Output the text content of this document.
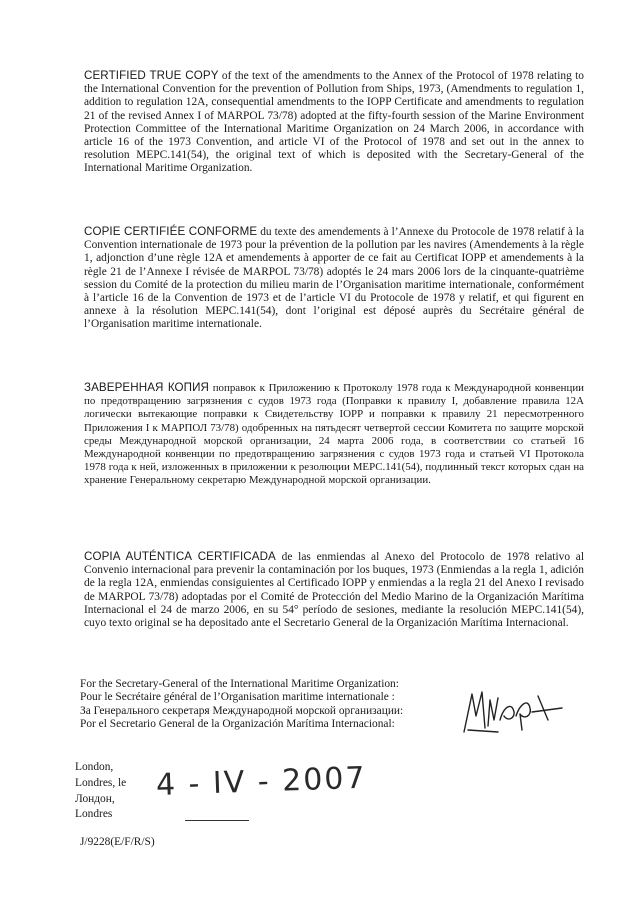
CERTIFIED TRUE COPY of the text of the amendments to the Annex of the Protocol of 1978 relating to the International Convention for the prevention of Pollution from Ships, 1973, (Amendments to regulation 1, addition to regulation 12A, consequential amendments to the IOPP Certificate and amendments to regulation 21 of the revised Annex I of MARPOL 73/78) adopted at the fifty-fourth session of the Marine Environment Protection Committee of the International Maritime Organization on 24 March 2006, in accordance with article 16 of the 1973 Convention, and article VI of the Protocol of 1978 and set out in the annex to resolution MEPC.141(54), the original text of which is deposited with the Secretary-General of the International Maritime Organization.

COPIE CERTIFIÉE CONFORME du texte des amendements à l’Annexe du Protocole de 1978 relatif à la Convention internationale de 1973 pour la prévention de la pollution par les navires (Amendements à la règle 1, adjonction d’une règle 12A et amendements à apporter de ce fait au Certificat IOPP et amendements à la règle 21 de l’Annexe I révisée de MARPOL 73/78) adoptés le 24 mars 2006 lors de la cinquante-quatrième session du Comité de la protection du milieu marin de l’Organisation maritime internationale, conformément à l’article 16 de la Convention de 1973 et de l’article VI du Protocole de 1978 y relatif, et qui figurent en annexe à la résolution MEPC.141(54), dont l’original est déposé auprès du Secrétaire général de l’Organisation maritime internationale.

ЗАВЕРЕННАЯ КОПИЯ поправок к Приложению к Протоколу 1978 года к Международной конвенции по предотвращению загрязнения с судов 1973 года (Поправки к правилу I, добавление правила 12А логически вытекающие поправки к Свидетельству IOPP и поправки к правилу 21 пересмотренного Приложения I к МАРПОЛ 73/78) одобренных на пятьдесят четвертой сессии Комитета по защите морской среды Международной морской организации, 24 марта 2006 года, в соответствии со статьей 16 Международной конвенции по предотвращению загрязнения с судов 1973 года и статьей VI Протокола 1978 года к ней, изложенных в приложении к резолюции МЕРС.141(54), подлинный текст которых сдан на хранение Генеральному секретарю Международной морской организации.

COPIA AUTÉNTICA CERTIFICADA de las enmiendas al Anexo del Protocolo de 1978 relativo al Convenio internacional para prevenir la contaminación por los buques, 1973 (Enmiendas a la regla 1, adición de la regla 12A, enmiendas consiguientes al Certificado IOPP y enmiendas a la regla 21 del Anexo I revisado de MARPOL 73/78) adoptadas por el Comité de Protección del Medio Marino de la Organización Marítima Internacional el 24 de marzo 2006, en su 54° período de sesiones, mediante la resolución MEPC.141(54), cuyo texto original se ha depositado ante el Secretario General de la Organización Marítima Internacional.

For the Secretary-General of the International Maritime Organization:
Pour le Secrétaire général de l’Organisation maritime internationale :
За Генерального секретаря Международной морской организации:
Por el Secretario General de la Organización Marítima Internacional:
London,
Londres, le
Лондон,
Londres
4 - IV - 2007
J/9228(E/F/R/S)
